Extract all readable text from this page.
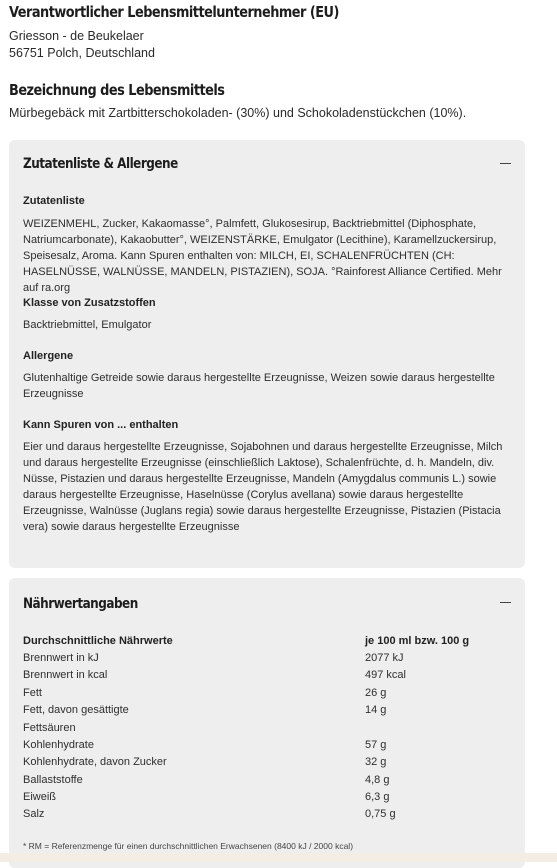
Verantwortlicher Lebensmittelunternehmer (EU)
Griesson - de Beukelaer
56751 Polch, Deutschland
Bezeichnung des Lebensmittels
Mürbegebäck mit Zartbitterschokoladen- (30%) und Schokoladenstückchen (10%).
Zutatenliste & Allergene
Zutatenliste
WEIZENMEHL, Zucker, Kakaomasse°, Palmfett, Glukosesirup, Backtriebmittel (Diphosphate, Natriumcarbonate), Kakaobutter°, WEIZENSTÄRKE, Emulgator (Lecithine), Karamellzuckersirup, Speisesalz, Aroma. Kann Spuren enthalten von: MILCH, EI, SCHALENFRÜCHTEN (CH: HASELNÜSSE, WALNÜSSE, MANDELN, PISTAZIEN), SOJA. °Rainforest Alliance Certified. Mehr auf ra.org
Klasse von Zusatzstoffen
Backtriebmittel, Emulgator
Allergene
Glutenhaltige Getreide sowie daraus hergestellte Erzeugnisse, Weizen sowie daraus hergestellte Erzeugnisse
Kann Spuren von ... enthalten
Eier und daraus hergestellte Erzeugnisse, Sojabohnen und daraus hergestellte Erzeugnisse, Milch und daraus hergestellte Erzeugnisse (einschließlich Laktose), Schalenfrüchte, d. h. Mandeln, div. Nüsse, Pistazien und daraus hergestellte Erzeugnisse, Mandeln (Amygdalus communis L.) sowie daraus hergestellte Erzeugnisse, Haselnüsse (Corylus avellana) sowie daraus hergestellte Erzeugnisse, Walnüsse (Juglans regia) sowie daraus hergestellte Erzeugnisse, Pistazien (Pistacia vera) sowie daraus hergestellte Erzeugnisse
Nährwertangaben
Durchschnittliche Nährwerte	je 100 ml bzw. 100 g
Brennwert in kJ	2077 kJ
Brennwert in kcal	497 kcal
Fett	26 g
Fett, davon gesättigte	14 g
Fettsäuren
Kohlenhydrate	57 g
Kohlenhydrate, davon Zucker	32 g
Ballaststoffe	4,8 g
Eiweiß	6,3 g
Salz	0,75 g
* RM = Referenzmenge für einen durchschnittlichen Erwachsenen (8400 kJ / 2000 kcal)
